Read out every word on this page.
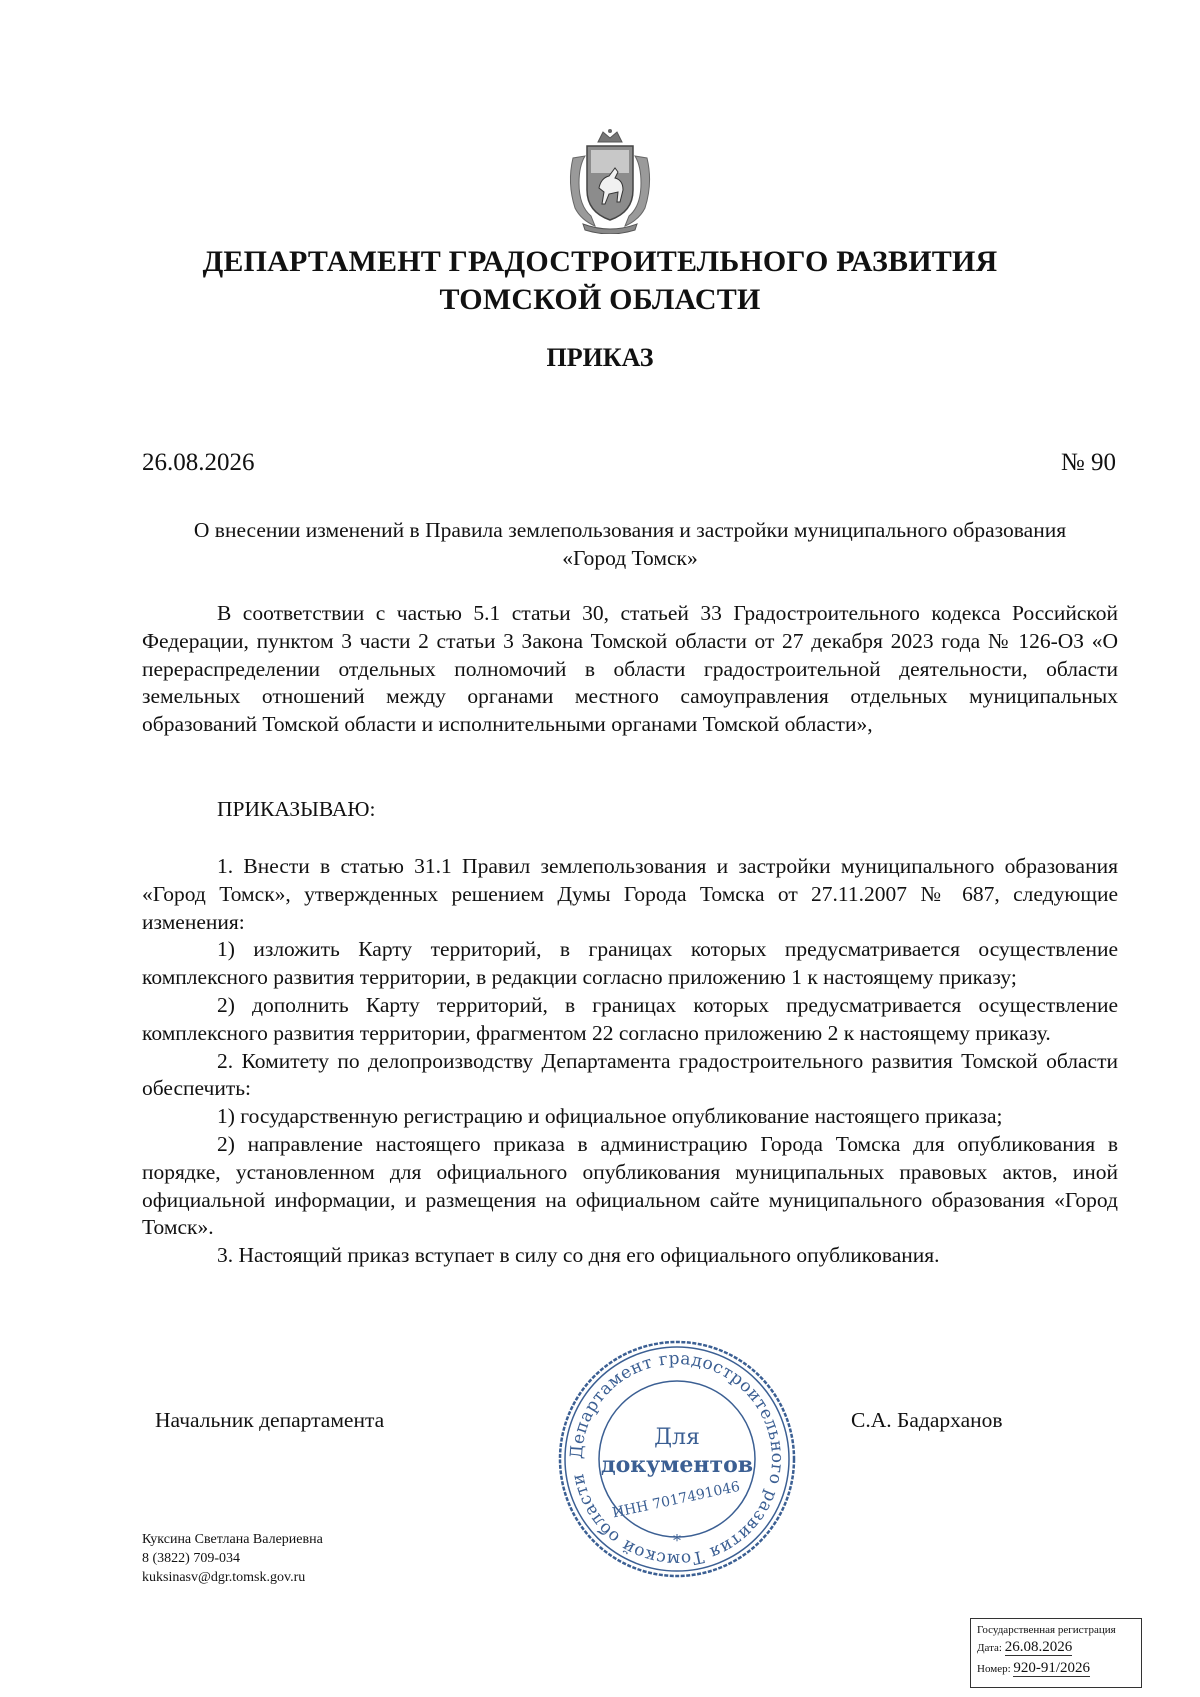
ДЕПАРТАМЕНТ ГРАДОСТРОИТЕЛЬНОГО РАЗВИТИЯ
ТОМСКОЙ ОБЛАСТИ
ПРИКАЗ
26.08.2026	№ 90
О внесении изменений в Правила землепользования и застройки муниципального образования «Город Томск»

В соответствии с частью 5.1 статьи 30, статьей 33 Градостроительного кодекса Российской Федерации, пунктом 3 части 2 статьи 3 Закона Томской области от 27 декабря 2023 года № 126-ОЗ «О перераспределении отдельных полномочий в области градостроительной деятельности, области земельных отношений между органами местного самоуправления отдельных муниципальных образований Томской области и исполнительными органами Томской области»,

ПРИКАЗЫВАЮ:

1. Внести в статью 31.1 Правил землепользования и застройки муниципального образования «Город Томск», утвержденных решением Думы Города Томска от 27.11.2007 № 687, следующие изменения:

1) изложить Карту территорий, в границах которых предусматривается осуществление комплексного развития территории, в редакции согласно приложению 1 к настоящему приказу;

2) дополнить Карту территорий, в границах которых предусматривается осуществление комплексного развития территории, фрагментом 22 согласно приложению 2 к настоящему приказу.

2. Комитету по делопроизводству Департамента градостроительного развития Томской области обеспечить:

1) государственную регистрацию и официальное опубликование настоящего приказа;

2) направление настоящего приказа в администрацию Города Томска для опубликования в порядке, установленном для официального опубликования муниципальных правовых актов, иной официальной информации, и размещения на официальном сайте муниципального образования «Город Томск».

3. Настоящий приказ вступает в силу со дня его официального опубликования.

Начальник департамента	С.А. Бадарханов
Департамент градостроительного развития Томской области
Для
документов
ИНН 7017491046
*
Куксина Светлана Валериевна
8 (3822) 709-034
kuksinasv@dgr.tomsk.gov.ru
Государственная регистрация
Дата: 26.08.2026
Номер: 920-91/2026
